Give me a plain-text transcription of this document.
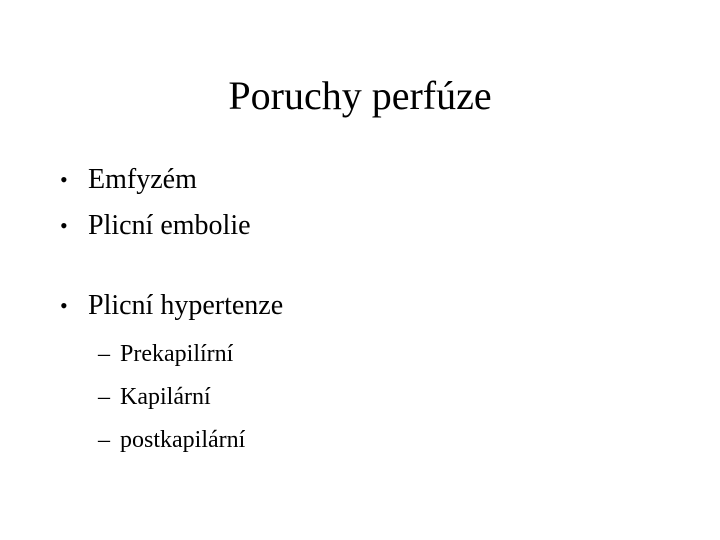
Poruchy perfúze
• Emfyzém
• Plicní embolie
• Plicní hypertenze
– Prekapilírní
– Kapilární
– postkapilární
